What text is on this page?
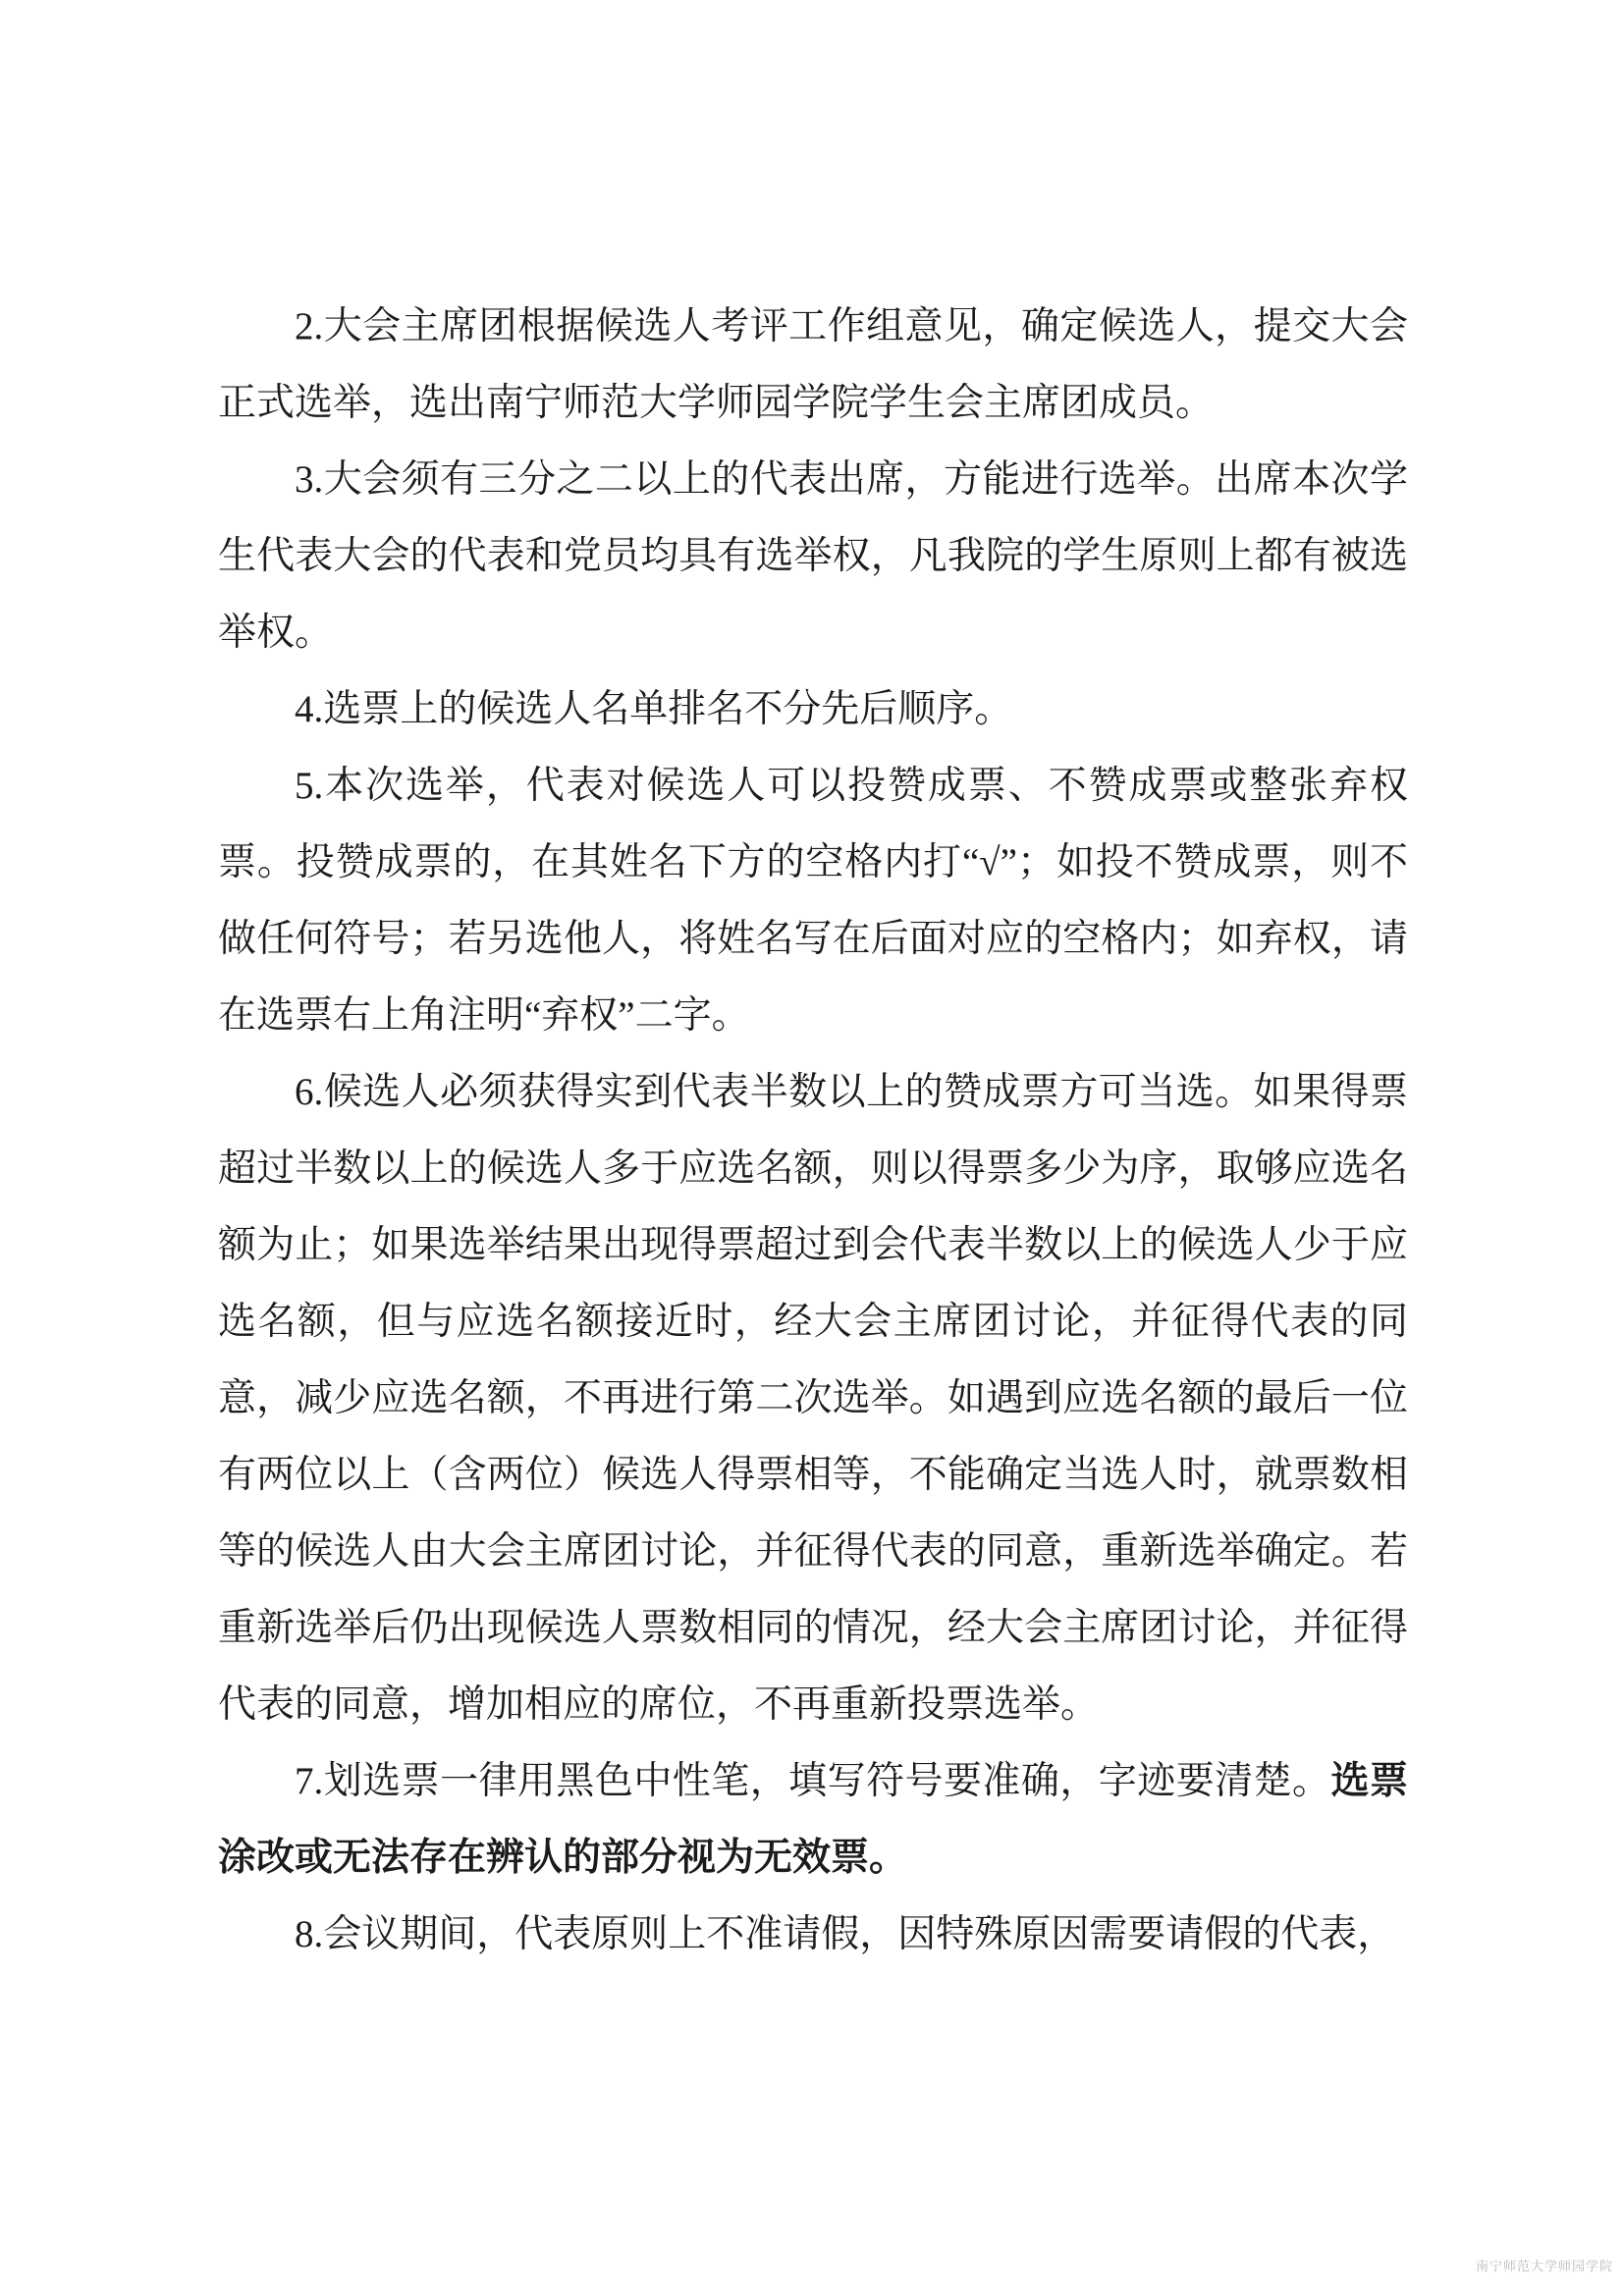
2.大会主席团根据候选人考评工作组意见，确定候选人，提交大会正式选举，选出南宁师范大学师园学院学生会主席团成员。

3.大会须有三分之二以上的代表出席，方能进行选举。出席本次学生代表大会的代表和党员均具有选举权，凡我院的学生原则上都有被选举权。

4.选票上的候选人名单排名不分先后顺序。

5.本次选举，代表对候选人可以投赞成票、不赞成票或整张弃权票。投赞成票的，在其姓名下方的空格内打“√”；如投不赞成票，则不做任何符号；若另选他人，将姓名写在后面对应的空格内；如弃权，请在选票右上角注明“弃权”二字。

6.候选人必须获得实到代表半数以上的赞成票方可当选。如果得票超过半数以上的候选人多于应选名额，则以得票多少为序，取够应选名额为止；如果选举结果出现得票超过到会代表半数以上的候选人少于应选名额，但与应选名额接近时，经大会主席团讨论，并征得代表的同意，减少应选名额，不再进行第二次选举。如遇到应选名额的最后一位有两位以上（含两位）候选人得票相等，不能确定当选人时，就票数相等的候选人由大会主席团讨论，并征得代表的同意，重新选举确定。若重新选举后仍出现候选人票数相同的情况，经大会主席团讨论，并征得代表的同意，增加相应的席位，不再重新投票选举。

7.划选票一律用黑色中性笔，填写符号要准确，字迹要清楚。选票涂改或无法存在辨认的部分视为无效票。

8.会议期间，代表原则上不准请假，因特殊原因需要请假的代表，

南宁师范大学师园学院
